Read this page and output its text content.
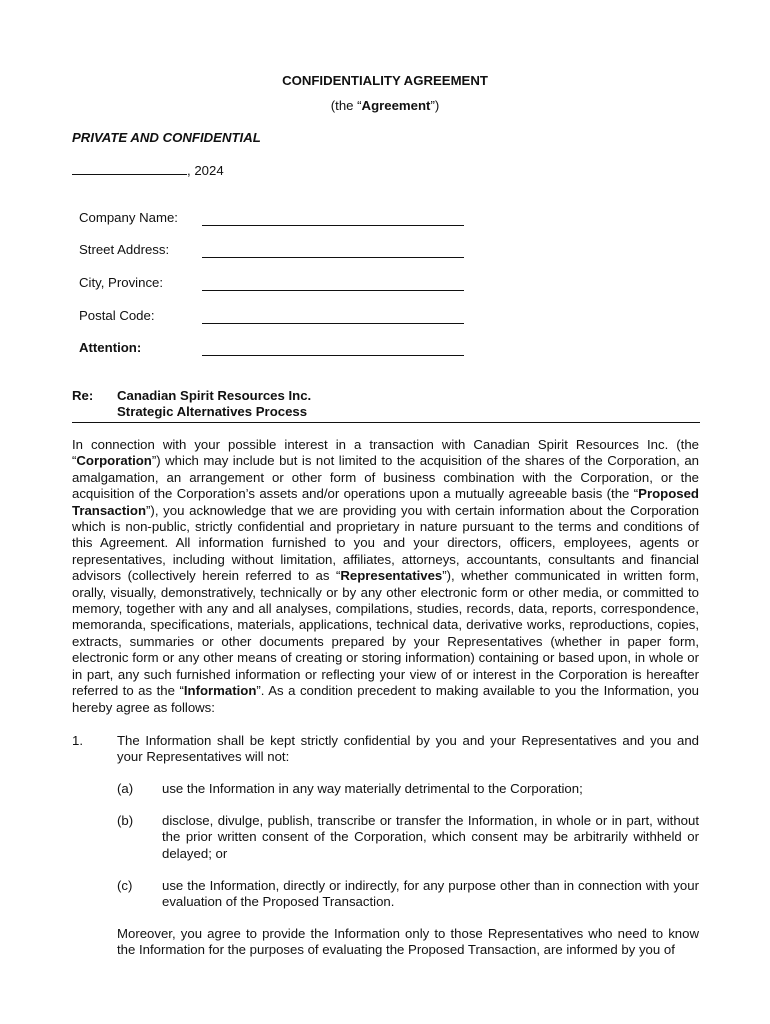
CONFIDENTIALITY AGREEMENT
(the “Agreement”)
PRIVATE AND CONFIDENTIAL
, 2024
Company Name:
Street Address:
City, Province:
Postal Code:
Attention:
Re: Canadian Spirit Resources Inc.
Strategic Alternatives Process
In connection with your possible interest in a transaction with Canadian Spirit Resources Inc. (the “Corporation”) which may include but is not limited to the acquisition of the shares of the Corporation, an amalgamation, an arrangement or other form of business combination with the Corporation, or the acquisition of the Corporation’s assets and/or operations upon a mutually agreeable basis (the “Proposed Transaction”), you acknowledge that we are providing you with certain information about the Corporation which is non-public, strictly confidential and proprietary in nature pursuant to the terms and conditions of this Agreement. All information furnished to you and your directors, officers, employees, agents or representatives, including without limitation, affiliates, attorneys, accountants, consultants and financial advisors (collectively herein referred to as “Representatives”), whether communicated in written form, orally, visually, demonstratively, technically or by any other electronic form or other media, or committed to memory, together with any and all analyses, compilations, studies, records, data, reports, correspondence, memoranda, specifications, materials, applications, technical data, derivative works, reproductions, copies, extracts, summaries or other documents prepared by your Representatives (whether in paper form, electronic form or any other means of creating or storing information) containing or based upon, in whole or in part, any such furnished information or reflecting your view of or interest in the Corporation is hereafter referred to as the “Information”. As a condition precedent to making available to you the Information, you hereby agree as follows:
1.	The Information shall be kept strictly confidential by you and your Representatives and you and your Representatives will not:
(a) use the Information in any way materially detrimental to the Corporation;
(b) disclose, divulge, publish, transcribe or transfer the Information, in whole or in part, without the prior written consent of the Corporation, which consent may be arbitrarily withheld or delayed; or
(c) use the Information, directly or indirectly, for any purpose other than in connection with your evaluation of the Proposed Transaction.
Moreover, you agree to provide the Information only to those Representatives who need to know the Information for the purposes of evaluating the Proposed Transaction, are informed by you of
